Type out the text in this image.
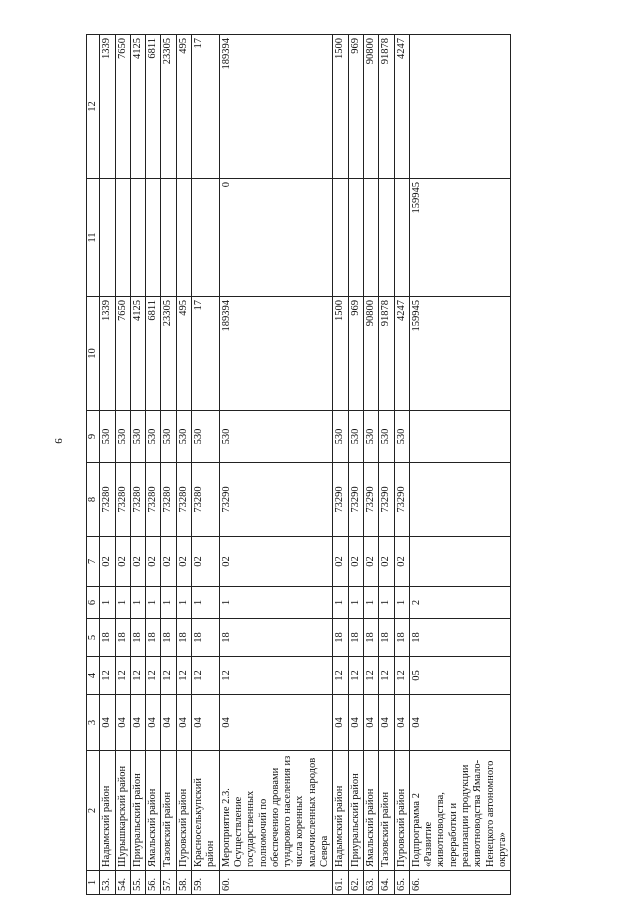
9
1	2	3	4	5	6	7	8	9	10	11	12
53.	Надымский район	04	12	18	1	02	73280	530	1339		1339
54.	Шурышкарский район	04	12	18	1	02	73280	530	7650		7650
55.	Приуральский район	04	12	18	1	02	73280	530	4125		4125
56.	Ямальский район	04	12	18	1	02	73280	530	6811		6811
57.	Тазовский район	04	12	18	1	02	73280	530	23305		23305
58.	Пуровский район	04	12	18	1	02	73280	530	495		495
59.	Красноселькупский район	04	12	18	1	02	73280	530	17		17
60.	Мероприятие 2.3. Осуществление государственных полномочий по обеспечению дровами тундрового населения из числа коренных малочисленных народов Севера	04	12	18	1	02	73290	530	189394	0	189394
61.	Надымский район	04	12	18	1	02	73290	530	1500		1500
62.	Приуральский район	04	12	18	1	02	73290	530	969		969
63.	Ямальский район	04	12	18	1	02	73290	530	90800		90800
64.	Тазовский район	04	12	18	1	02	73290	530	91878		91878
65.	Пуровский район	04	12	18	1	02	73290	530	4247		4247
66.	Подпрограмма 2 «Развитие животноводства, переработки и реализации продукции животноводства Ямало-Ненецкого автономного округа»	04	05	18	2				159945	159945	
